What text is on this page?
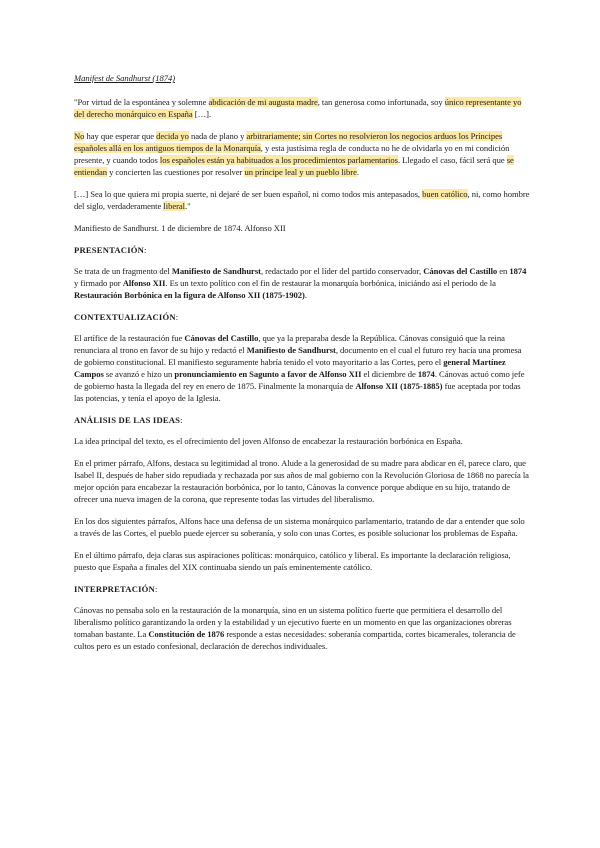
Manifest de Sandhurst (1874)

"Por virtud de la espontánea y solemne abdicación de mi augusta madre, tan generosa como infortunada, soy único representante yo del derecho monárquico en España […].

No hay que esperar que decida yo nada de plano y arbitrariamente; sin Cortes no resolvieron los negocios arduos los Príncipes españoles allá en los antiguos tiempos de la Monarquía, y esta justísima regla de conducta no he de olvidarla yo en mi condición presente, y cuando todos los españoles están ya habituados a los procedimientos parlamentarios. Llegado el caso, fácil será que se entiendan y concierten las cuestiones por resolver un príncipe leal y un pueblo libre.

[…] Sea lo que quiera mi propia suerte, ni dejaré de ser buen español, ni como todos mis antepasados, buen católico, ni, como hombre del siglo, verdaderamente liberal."

Manifiesto de Sandhurst. 1 de diciembre de 1874. Alfonso XII

PRESENTACIÓN:

Se trata de un fragmento del Manifiesto de Sandhurst, redactado por el líder del partido conservador, Cánovas del Castillo en 1874 y firmado por Alfonso XII. Es un texto político con el fin de restaurar la monarquía borbónica, iniciándo así el periodo de la Restauración Borbónica en la figura de Alfonso XII (1875-1902).

CONTEXTUALIZACIÓN:

El artífice de la restauración fue Cánovas del Castillo, que ya la preparaba desde la República. Cánovas consiguió que la reina renunciara al trono en favor de su hijo y redactó el Manifiesto de Sandhurst, documento en el cual el futuro rey hacía una promesa de gobierno constitucional. El manifiesto seguramente habría tenido el voto mayoritario a las Cortes, pero el general Martínez Campos se avanzó e hizo un pronunciamiento en Sagunto a favor de Alfonso XII el diciembre de 1874. Cánovas actuó como jefe de gobierno hasta la llegada del rey en enero de 1875. Finalmente la monarquía de Alfonso XII (1875-1885) fue aceptada por todas las potencias, y tenía el apoyo de la Iglesia.

ANÁLISIS DE LAS IDEAS:

La idea principal del texto, es el ofrecimiento del joven Alfonso de encabezar la restauración borbónica en España.

En el primer párrafo, Alfons, destaca su legitimidad al trono. Alude a la generosidad de su madre para abdicar en él, parece claro, que Isabel II, después de haber sido repudiada y rechazada por sus años de mal gobierno con la Revolución Gloriosa de 1868 no parecía la mejor opción para encabezar la restauración borbónica, por lo tanto, Cánovas la convence porque abdique en su hijo, tratando de ofrecer una nueva imagen de la corona, que represente todas las virtudes del liberalismo.

En los dos siguientes párrafos, Alfons hace una defensa de un sistema monárquico parlamentario, tratando de dar a entender que solo a través de las Cortes, el pueblo puede ejercer su soberanía, y solo con unas Cortes, es posible solucionar los problemas de España.

En el último párrafo, deja claras sus aspiraciones políticas: monárquico, católico y liberal. Es importante la declaración religiosa, puesto que España a finales del XIX continuaba siendo un país eminentemente católico.

INTERPRETACIÓN:

Cánovas no pensaba solo en la restauración de la monarquía, sino en un sistema político fuerte que permitiera el desarrollo del liberalismo político garantizando la orden y la estabilidad y un ejecutivo fuerte en un momento en que las organizaciones obreras tomaban bastante. La Constitución de 1876 responde a estas necesidades: soberanía compartida, cortes bicamerales, tolerancia de cultos pero es un estado confesional, declaración de derechos individuales.
